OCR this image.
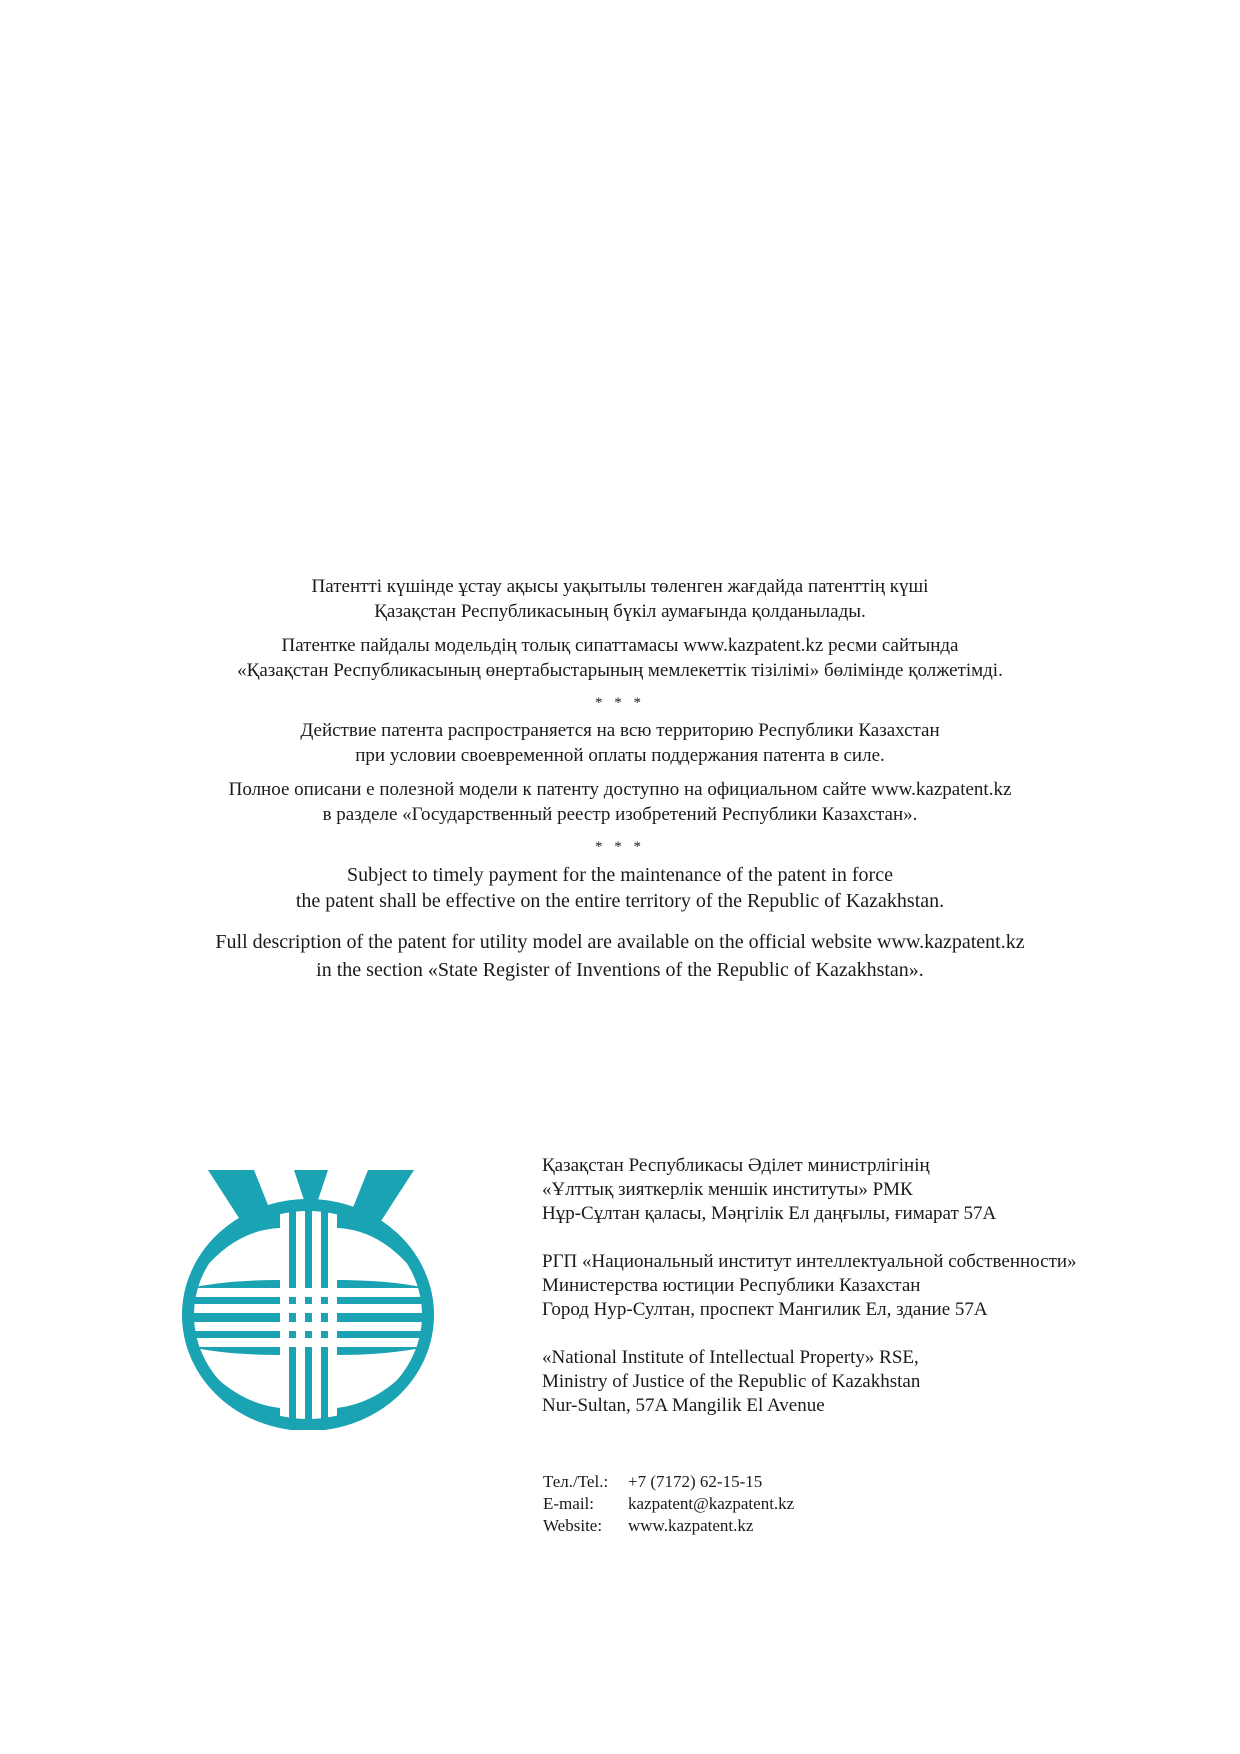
Патентті күшінде ұстау ақысы уақытылы төленген жағдайда патенттің күші

Қазақстан Республикасының бүкіл аумағында қолданылады.

Патентке пайдалы модельдің толық сипаттамасы www.kazpatent.kz ресми сайтында

«Қазақстан Республикасының өнертабыстарының мемлекеттік тізілімі» бөлімінде қолжетімді.

* * *

Действие патента распространяется на всю территорию Республики Казахстан

при условии своевременной оплаты поддержания патента в силе.

Полное описани е полезной модели к патенту доступно на официальном сайте www.kazpatent.kz

в разделе «Государственный реестр изобретений Республики Казахстан».

* * *

Subject to timely payment for the maintenance of the patent in force

the patent shall be effective on the entire territory of the Republic of Kazakhstan.

Full description of the patent for utility model are available on the official website www.kazpatent.kz

in the section «State Register of Inventions of the Republic of Kazakhstan».

Қазақстан Республикасы Әділет министрлігінің

«Ұлттық зияткерлік меншік институты» РМК

Нұр-Сұлтан қаласы, Мәңгілік Ел даңғылы, ғимарат 57А

РГП «Национальный институт интеллектуальной собственности»

Министерства юстиции Республики Казахстан

Город Нур-Султан, проспект Мангилик Ел, здание 57А

«National Institute of Intellectual Property» RSE,

Ministry of Justice of the Republic of Kazakhstan

Nur-Sultan, 57A Mangilik El Avenue

Тел./Tel.:	+7 (7172) 62-15-15
E-mail:	kazpatent@kazpatent.kz
Website:	www.kazpatent.kz
